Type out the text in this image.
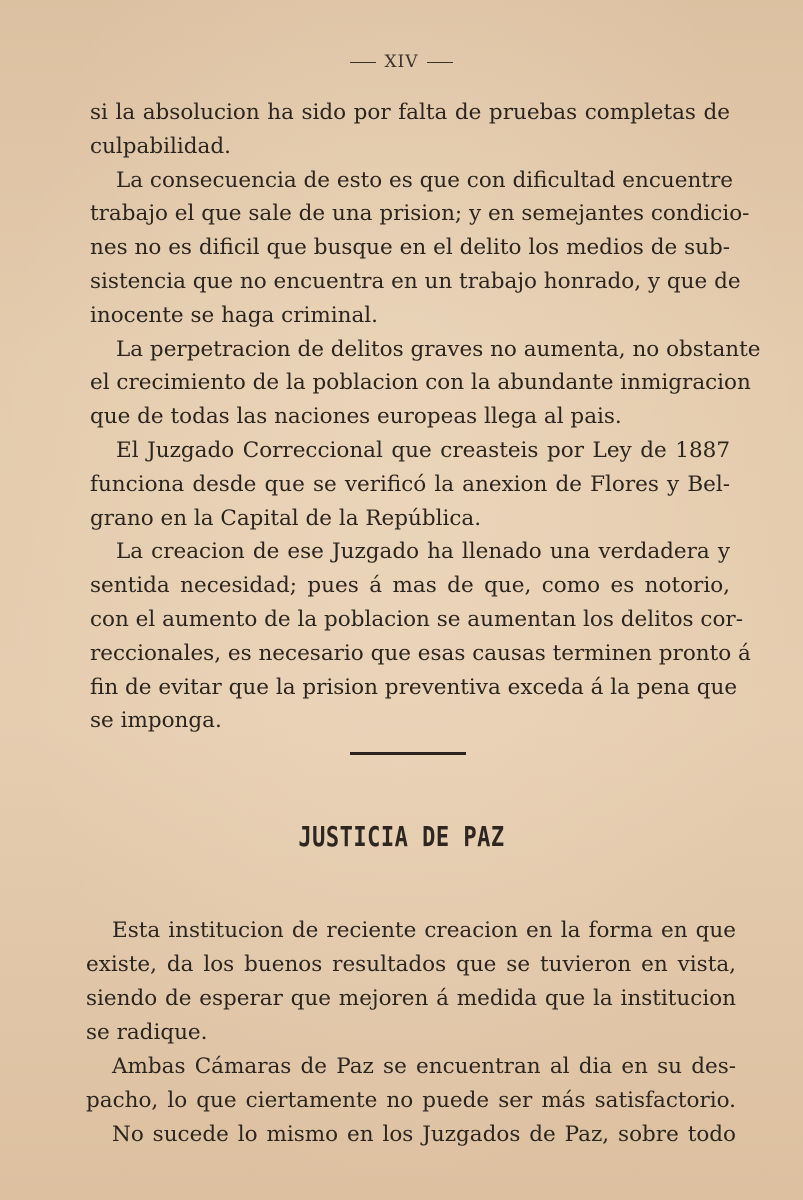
XIV
si la absolucion ha sido por falta de pruebas completas de
culpabilidad.
La consecuencia de esto es que con dificultad encuentre
trabajo el que sale de una prision; y en semejantes condicio-
nes no es dificil que busque en el delito los medios de sub-
sistencia que no encuentra en un trabajo honrado, y que de
inocente se haga criminal.
La perpetracion de delitos graves no aumenta, no obstante
el crecimiento de la poblacion con la abundante inmigracion
que de todas las naciones europeas llega al pais.
El Juzgado Correccional que creasteis por Ley de 1887
funciona desde que se verificó la anexion de Flores y Bel-
grano en la Capital de la República.
La creacion de ese Juzgado ha llenado una verdadera y
sentida necesidad; pues á mas de que, como es notorio,
con el aumento de la poblacion se aumentan los delitos cor-
reccionales, es necesario que esas causas terminen pronto á
fin de evitar que la prision preventiva exceda á la pena que
se imponga.
JUSTICIA DE PAZ
Esta institucion de reciente creacion en la forma en que
existe, da los buenos resultados que se tuvieron en vista,
siendo de esperar que mejoren á medida que la institucion
se radique.
Ambas Cámaras de Paz se encuentran al dia en su des-
pacho, lo que ciertamente no puede ser más satisfactorio.
No sucede lo mismo en los Juzgados de Paz, sobre todo
